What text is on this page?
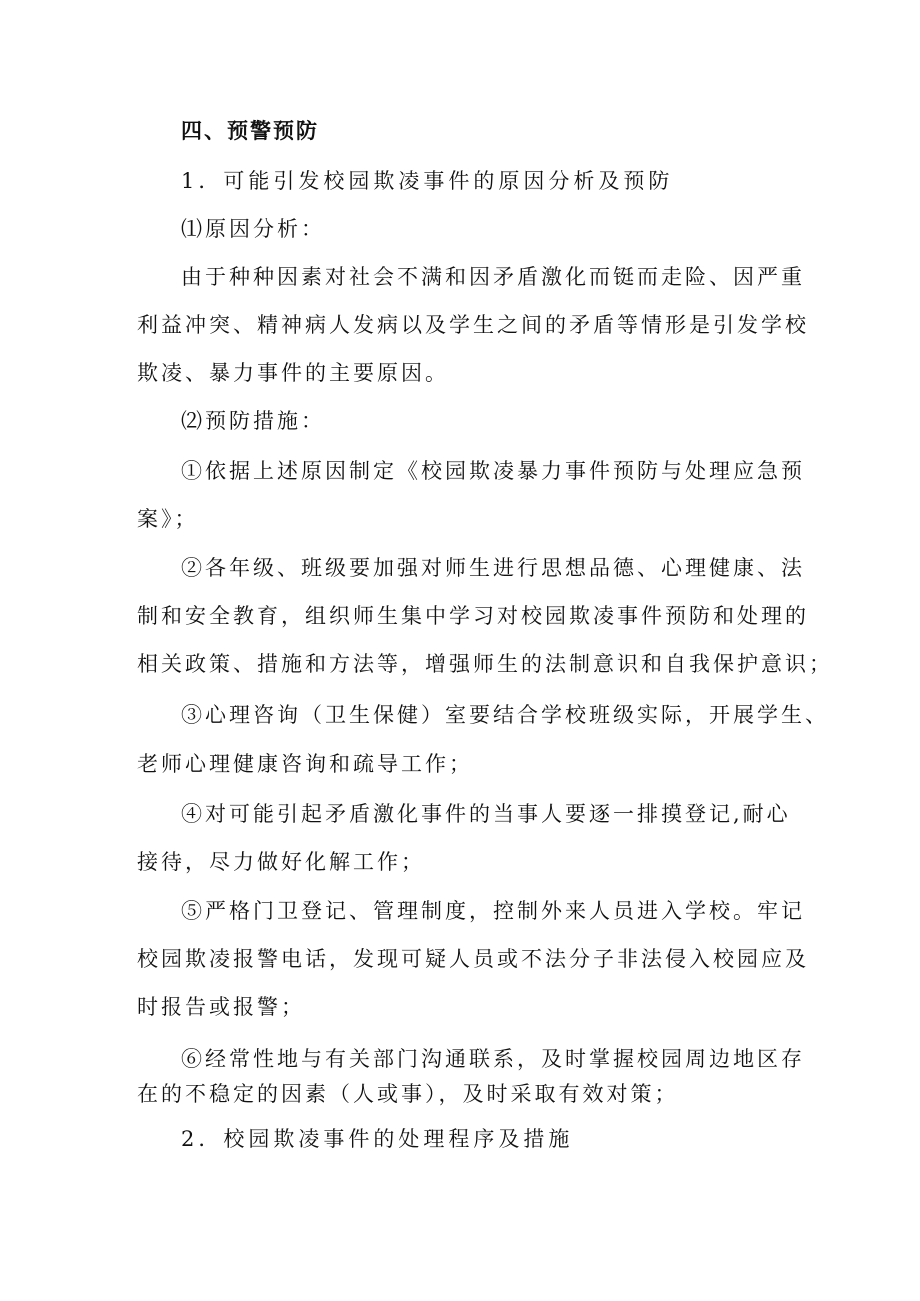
四、预警预防
1．可能引发校园欺凌事件的原因分析及预防
⑴原因分析：
由于种种因素对社会不满和因矛盾激化而铤而走险、因严重
利益冲突、精神病人发病以及学生之间的矛盾等情形是引发学校
欺凌、暴力事件的主要原因。
⑵预防措施：
①依据上述原因制定《校园欺凌暴力事件预防与处理应急预
案》；
②各年级、班级要加强对师生进行思想品德、心理健康、法
制和安全教育，组织师生集中学习对校园欺凌事件预防和处理的
相关政策、措施和方法等，增强师生的法制意识和自我保护意识；
③心理咨询（卫生保健）室要结合学校班级实际，开展学生、
老师心理健康咨询和疏导工作；
④对可能引起矛盾激化事件的当事人要逐一排摸登记,耐心
接待，尽力做好化解工作；
⑤严格门卫登记、管理制度，控制外来人员进入学校。牢记
校园欺凌报警电话，发现可疑人员或不法分子非法侵入校园应及
时报告或报警；
⑥经常性地与有关部门沟通联系，及时掌握校园周边地区存
在的不稳定的因素（人或事），及时采取有效对策；
2．校园欺凌事件的处理程序及措施
